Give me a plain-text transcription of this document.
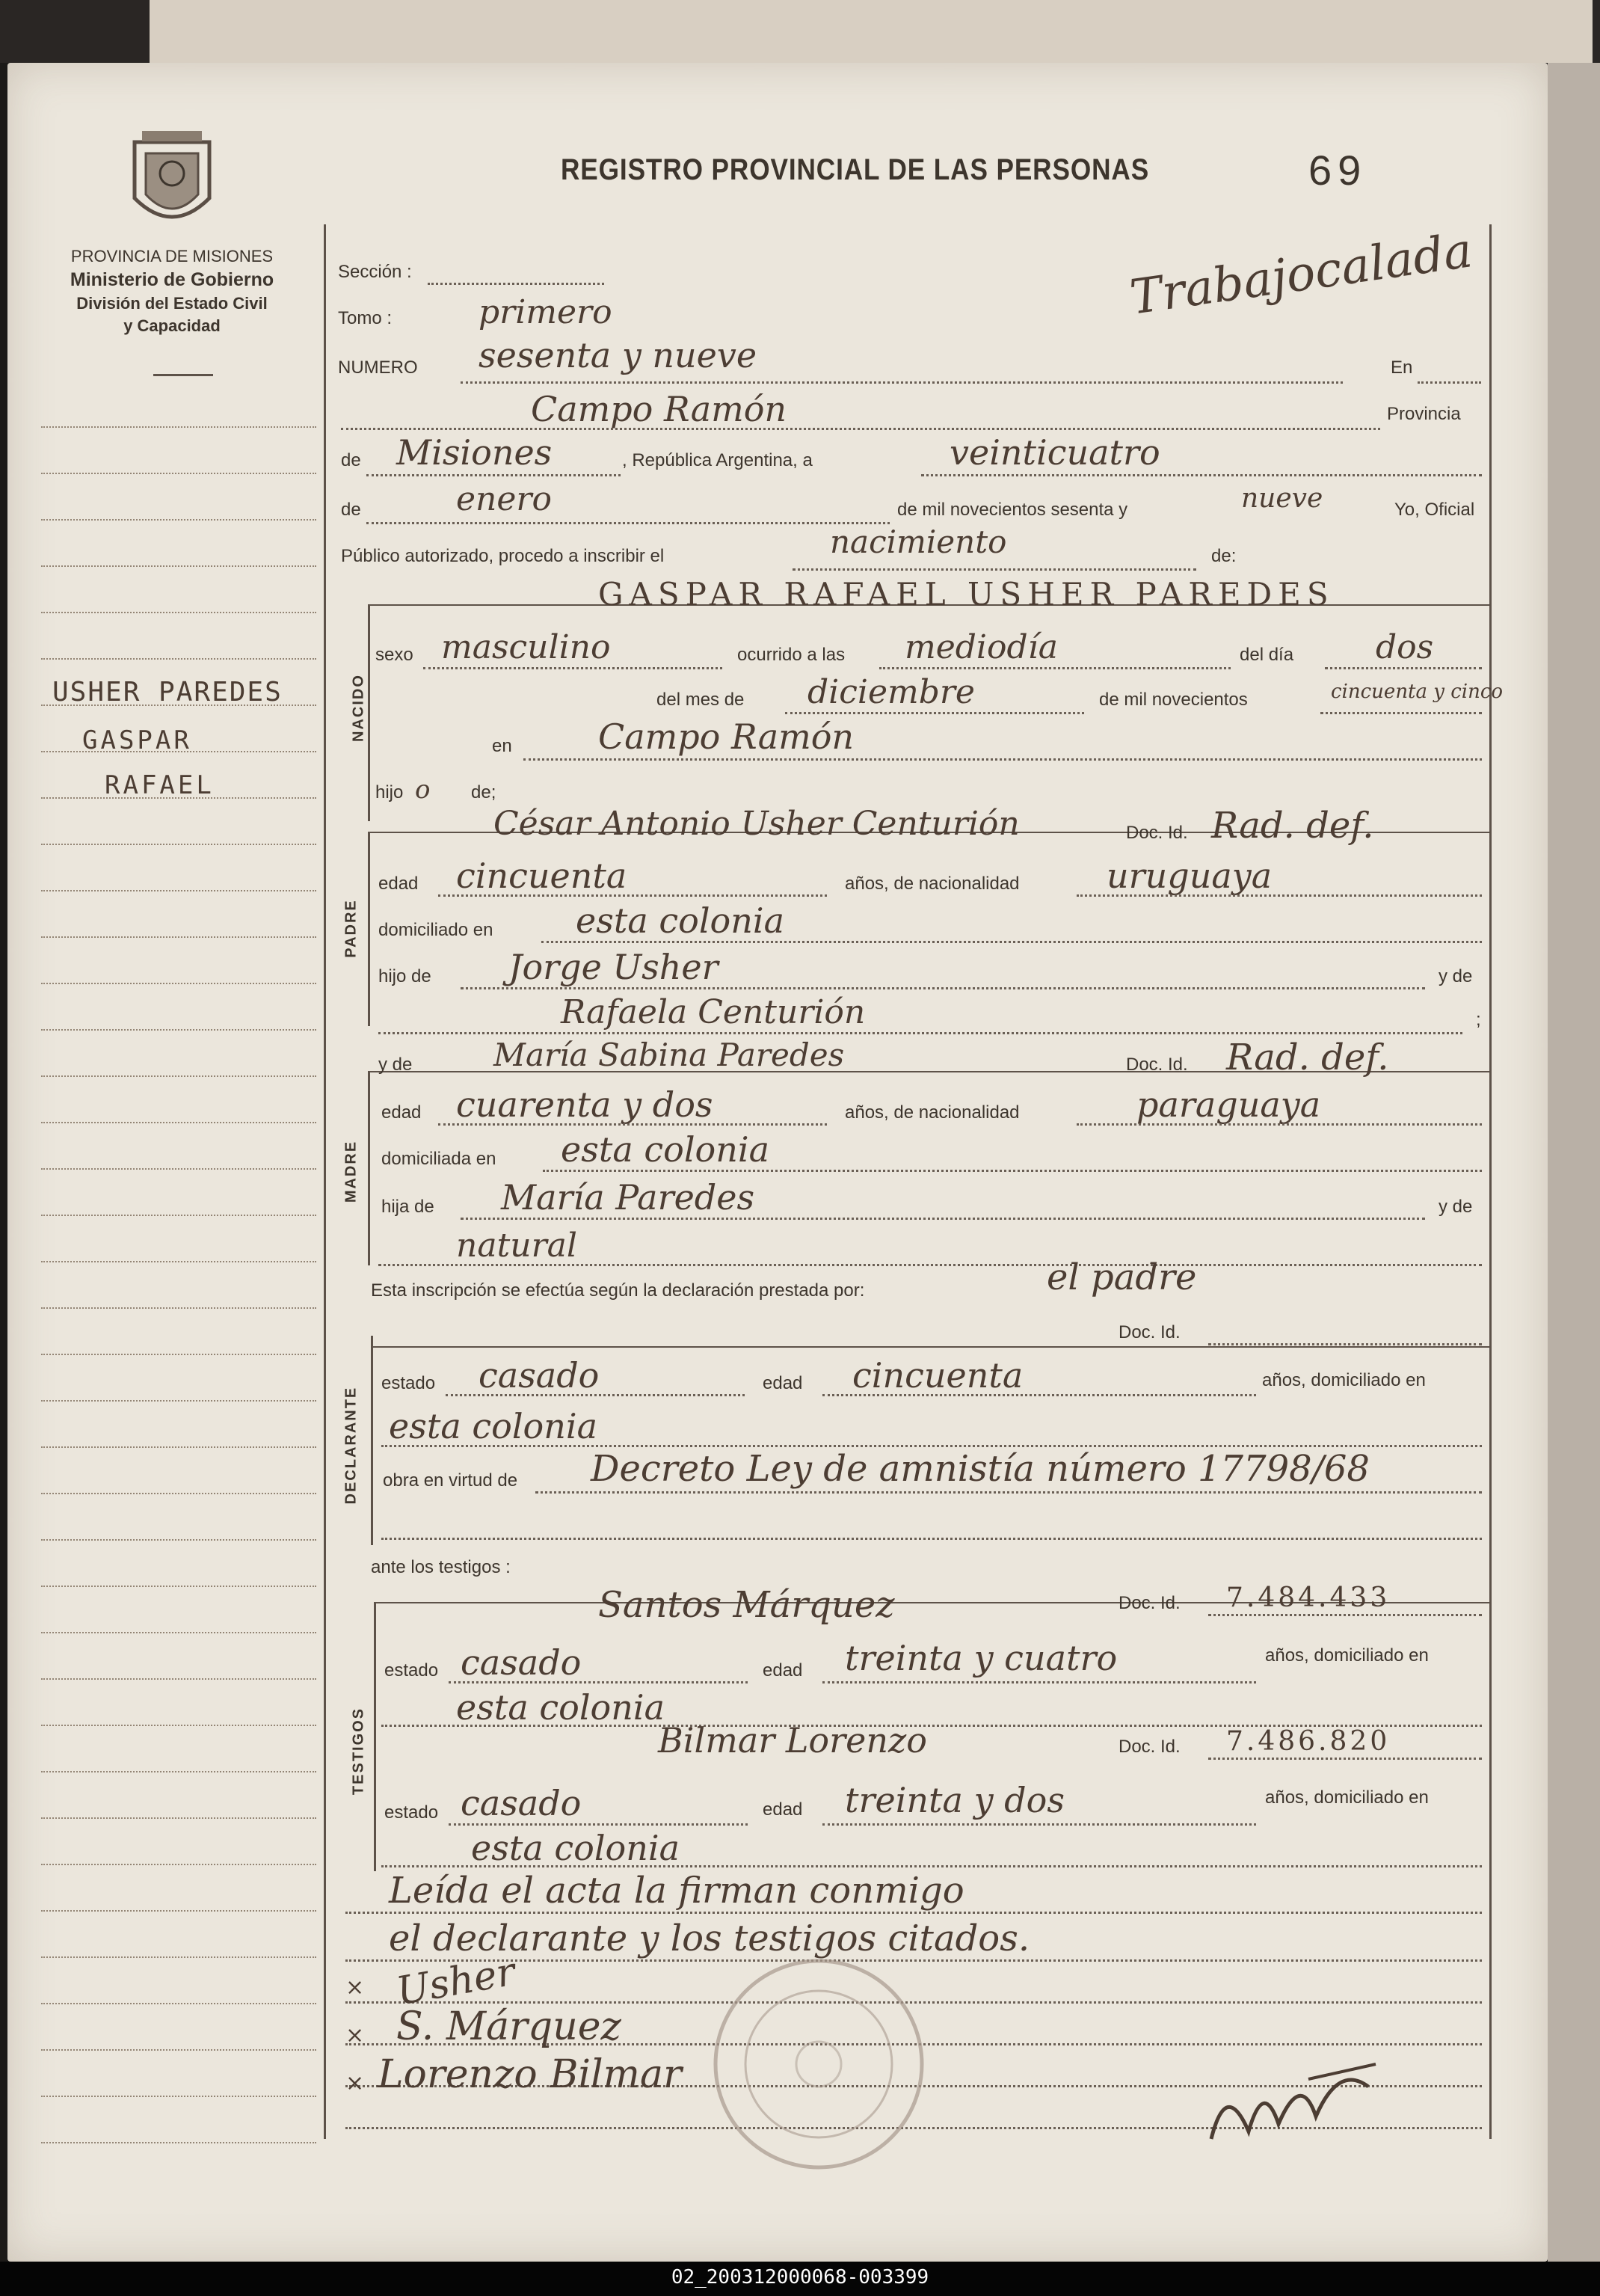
PROVINCIA DE MISIONES
Ministerio de Gobierno
División del Estado Civil
y Capacidad
REGISTRO PROVINCIAL DE LAS PERSONAS	69
Trabajocalada
USHER PAREDES
GASPAR
RAFAEL
Sección :
Tomo :	primero
NUMERO sesenta y nueve	En
Campo Ramón	Provincia
de Misiones	, República Argentina, a	veinticuatro
de	enero	de mil novecientos sesenta y	nueve	Yo, Oficial
Público autorizado, procedo a inscribir el	nacimiento	de:
NACIDO
GASPAR RAFAEL USHER PAREDES
sexo masculino	ocurrido a las mediodía	del día dos
del mes de diciembre	de mil novecientos	cincuenta y cinco
en	Campo Ramón
hijo o de;
PADRE
César Antonio Usher Centurión	Doc. Id. Rad. def.
edad cincuenta	años, de nacionalidad	uruguaya
domiciliado en esta colonia
hijo de Jorge Usher	y de
Rafaela Centurión	;
MADRE
y de	María Sabina Paredes	Doc. Id. Rad. def.
edad cuarenta y dos	años, de nacionalidad	paraguaya
domiciliada en esta colonia
hija de María Paredes	y de
natural
Esta inscripción se efectúa según la declaración prestada por:	el padre
Doc. Id.
DECLARANTE
estado casado	edad cincuenta	años, domiciliado en
esta colonia
obra en virtud de Decreto Ley de amnistía número 17798/68
ante los testigos :
TESTIGOS
Santos Márquez	Doc. Id. 7.484.433
estado casado	edad treinta y cuatro	años, domiciliado en
esta colonia
Bilmar Lorenzo	Doc. Id. 7.486.820
estado casado	edad treinta y dos	años, domiciliado en
esta colonia
Leída el acta la firman conmigo
el declarante y los testigos citados.
× Usher
× S. Márquez
× Lorenzo Bilmar
02_200312000068-003399
